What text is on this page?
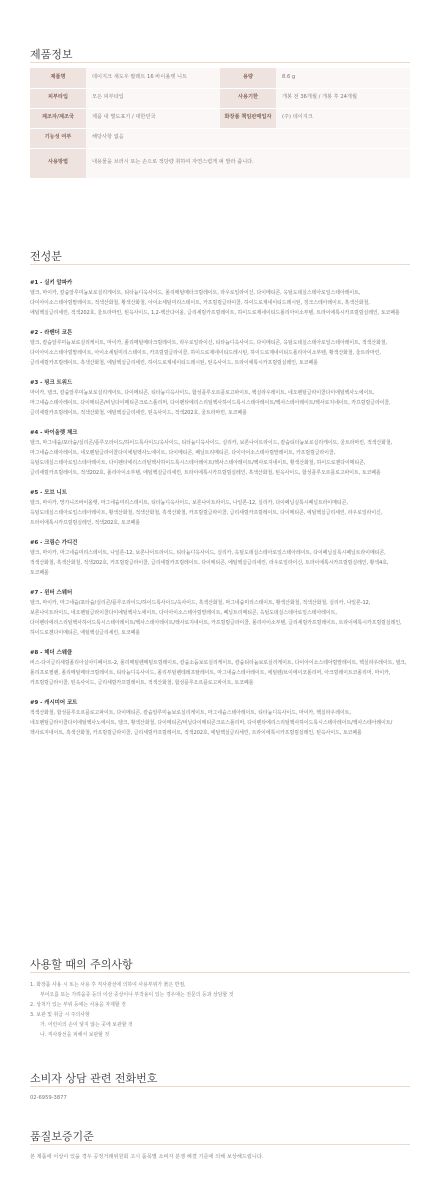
제품정보
제품명	데이지크 섀도우 팔레트 16 바이올렛 니트	용량	8.6 g
피부타입	모든 피부타입	사용기한	개봉 전 36개월 / 개봉 후 24개월
제조자/제조국	제품 내 별도표기 / 대한민국	화장품 책임판매업자	(주) 데이지크
기능성 여부	해당사항 없음		
사용방법	내용물을 브러시 또는 손으로 적당량 취하여 자연스럽게 펴 발라 줍니다.		
전성분
#1 - 실키 알파카
탤크, 마이카, 칼슘알루미늄보로실리케이트, 티타늄디옥사이드, 폴리메틸메타크릴레이트, 라우로일라이신, 다이메티콘, 옥틸도데실스테아로일스테아레이트, 다이아이소스테아릴말레이트, 적색산화철, 황색산화철, 아이소세틸미리스테이트, 카프릴릴글라이콜, 하이드로제네이티드레시틴, 징크스테아레이트, 흑색산화철, 에틸헥실글리세린, 적색202호, 울트라마린, 틴옥사이드, 1,2-헥산다이올, 글리세릴카프릴레이트, 하이드로제네이티드폴리아이소부텐, 트라이에톡시카프릴릴실레인, 토코페롤
#2 - 라벤더 코튼
탤크, 칼슘알루미늄보로실리케이트, 마이카, 폴리메틸메타크릴레이트, 라우로일라이신, 티타늄디옥사이드, 다이메티콘, 옥틸도데실스테아로일스테아레이트, 적색산화철, 다이아이소스테아릴말레이트, 아이소세틸미리스테이트, 카프릴릴글라이콜, 하이드로제네이티드레시틴, 하이드로제네이티드폴리아이소부텐, 황색산화철, 울트라마린, 글리세릴카프릴레이트, 흑색산화철, 에틸헥실글리세린, 하이드로제네이티드레시틴, 틴옥사이드, 트라이에톡시카프릴릴실레인, 토코페롤
#3 - 핑크 트위드
마이카, 탤크, 칼슘알루미늄보로실리케이트, 다이메티콘, 티타늄디옥사이드, 합성플루오르플로고파이트, 헥실라우레이트, 네오펜틸글라이콜다이에틸헥사노에이트, 마그네슘스테아레이트, 다이메티콘/비닐다이메티콘크로스폴리머, 다이펜타에리스리틸헥사하이드록시스테아레이트/헥사스테아레이트/헥사로지네이트, 카프릴릴글라이콜, 글리세릴카프릴레이트, 적색산화철, 에틸헥실글리세린, 틴옥사이드, 적색202호, 울트라마린, 토코페롤
#4 - 바이올렛 체크
탤크, 마그네슘/포타슘/실리콘/플루오라이드/하이드록사이드/옥사이드, 티타늄디옥사이드, 실리카, 보론나이트라이드, 칼슘티타늄보로실리케이트, 울트라마린, 적색산화철, 마그네슘스테아레이트, 네오펜틸글라이콜다이에틸헥사노에이트, 다이메티콘, 페닐트리메티콘, 다이아이소스테아릴말레이트, 카프릴릴글라이콜, 옥틸도데실스테아로일스테아레이트, 다이펜타에리스리틸헥사하이드록시스테아레이트/헥사스테아레이트/헥사로지네이트, 황색산화철, 하이드로젠다이메티콘, 글리세릴카프릴레이트, 적색202호, 폴리아이소부텐, 에틸헥실글리세린, 트라이에톡시카프릴릴실레인, 흑색산화철, 틴옥사이드, 합성플루오르플로고파이트, 토코페롤
#5 - 모브 니트
탤크, 마이카, 망가니즈바이올렛, 마그네슘미리스테이트, 티타늄디옥사이드, 보론나이트라이드, 나일론-12, 실리카, 다이페닐실록시페닐트라이메티콘, 옥틸도데실스테아로일스테아레이트, 황색산화철, 적색산화철, 흑색산화철, 카프릴릴글라이콜, 글리세릴카프릴레이트, 다이메티콘, 에틸헥실글리세린, 라우로일라이신, 트라이에톡시카프릴릴실레인, 적색202호, 토코페롤
#6 - 크림슨 가디건
탤크, 마이카, 마그네슘미리스테이트, 나일론-12, 보론나이트라이드, 티타늄디옥사이드, 실리카, 옥틸도데실스테아로일스테아레이트, 다이페닐실록시페닐트라이메티콘, 적색산화철, 흑색산화철, 적색202호, 카프릴릴글라이콜, 글리세릴카프릴레이트, 다이메티콘, 에틸헥실글리세린, 라우로일라이신, 트라이에톡시카프릴릴실레인, 황색4호, 토코페롤
#7 - 윈터 스웨터
탤크, 마이카, 마그네슘/포타슘/실리콘/플루오라이드/하이드록사이드/옥사이드, 흑색산화철, 마그네슘미리스테이트, 황색산화철, 적색산화철, 실리카, 나일론-12, 보론나이트라이드, 네오펜틸글라이콜다이에틸헥사노에이트, 다이아이소스테아릴말레이트, 페닐트리메티콘, 옥틸도데실스테아로일스테아레이트, 다이펜타에리스리틸헥사하이드록시스테아레이트/헥사스테아레이트/헥사로지네이트, 카프릴릴글라이콜, 폴리아이소부텐, 글리세릴카프릴레이트, 트라이에톡시카프릴릴실레인, 하이드로젠다이메티콘, 에틸헥실글리세린, 토코페롤
#8 - 헤더 스웨클
비스-다이글리세릴폴리아실아디페이트-2, 폴리메틸렌메틸트릴레이트, 칼슘소듐보로실리케이트, 칼슘티타늄보로실리케이트, 다이아이소스테아릴말레이트, 헥실라우레이트, 탤크, 폴리프로필렌, 폴리메틸메타크릴레이트, 티타늄디옥사이드, 폴리부틸렌테레프탈레이트, 마그네슘스테아레이트, 에틸렌/브이에이코폴리머, 아크릴레이트코폴리머, 마이카, 카프릴릴글라이콜, 틴옥사이드, 글리세릴카프릴레이트, 적색산화철, 합성플루오르플로고파이트, 토코페롤
#9 - 캐시미어 코트
적색산화철, 합성플루오르플로고파이트, 다이메티콘, 칼슘알루미늄보로실리케이트, 마그네슘스테아레이트, 티타늄디옥사이드, 마이카, 헥실라우레이트, 네오펜틸글라이콜다이에틸헥사노에이트, 탤크, 황색산화철, 다이메티콘/비닐다이메티콘크로스폴리머, 다이펜타에리스리틸헥사하이드록시스테아레이트/헥사스테아레이트/헥사로지네이트, 흑색산화철, 카프릴릴글라이콜, 글리세릴카프릴레이트, 적색202호, 에틸헥실글리세린, 트라이에톡시카프릴릴실레인, 틴옥사이드, 토코페롤
사용할 때의 주의사항
1. 화장품 사용 시 또는 사용 후 직사광선에 의하여 사용부위가 붉은 반점,
부어오름 또는 가려움증 등의 이상 증상이나 부작용이 있는 경우에는 전문의 등과 상담할 것
2. 상처가 있는 부위 등에는 사용을 자제할 것
3. 보관 및 취급 시 주의사항
가. 어린이의 손이 닿지 않는 곳에 보관할 것
나. 직사광선을 피해서 보관할 것
소비자 상담 관련 전화번호
02-6959-3877
품질보증기준
본 제품에 이상이 있을 경우 공정거래위원회 고시 품목별 소비자 분쟁 해결 기준에 의해 보상해드립니다.
